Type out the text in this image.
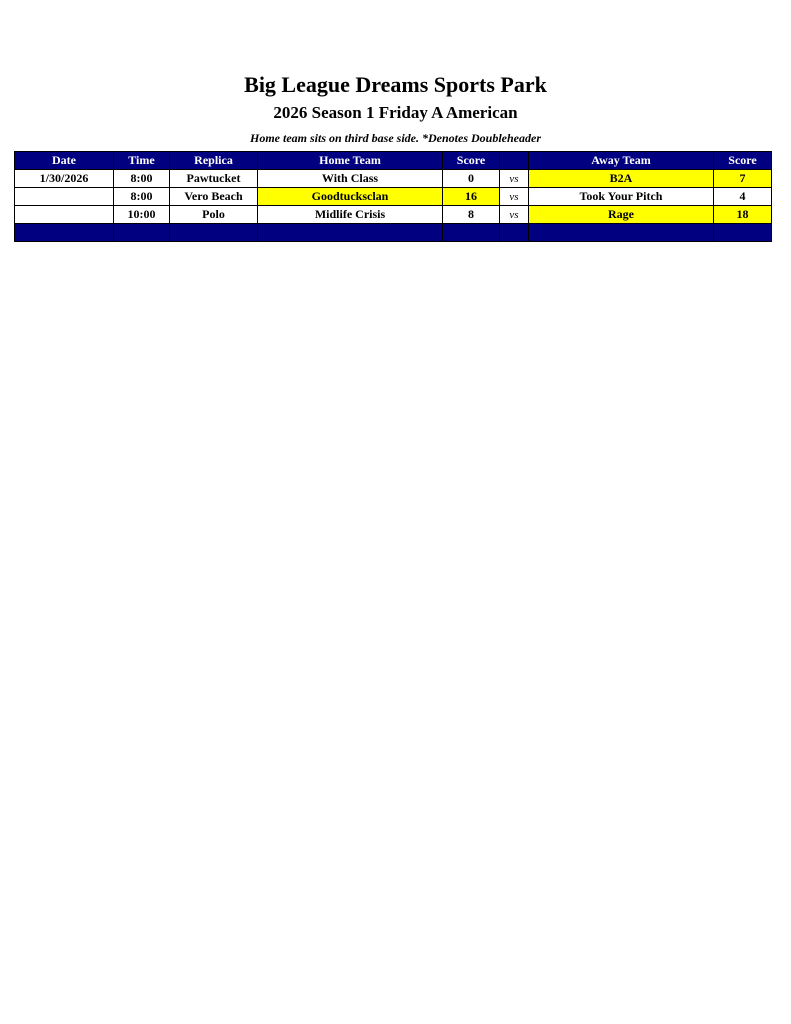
Big League Dreams Sports Park
2026 Season 1 Friday A American
Home team sits on third base side. *Denotes Doubleheader
Date	Time	Replica	Home Team	Score		Away Team	Score
1/30/2026	8:00	Pawtucket	With Class	0	vs	B2A	7
	8:00	Vero Beach	Goodtucksclan	16	vs	Took Your Pitch	4
	10:00	Polo	Midlife Crisis	8	vs	Rage	18
